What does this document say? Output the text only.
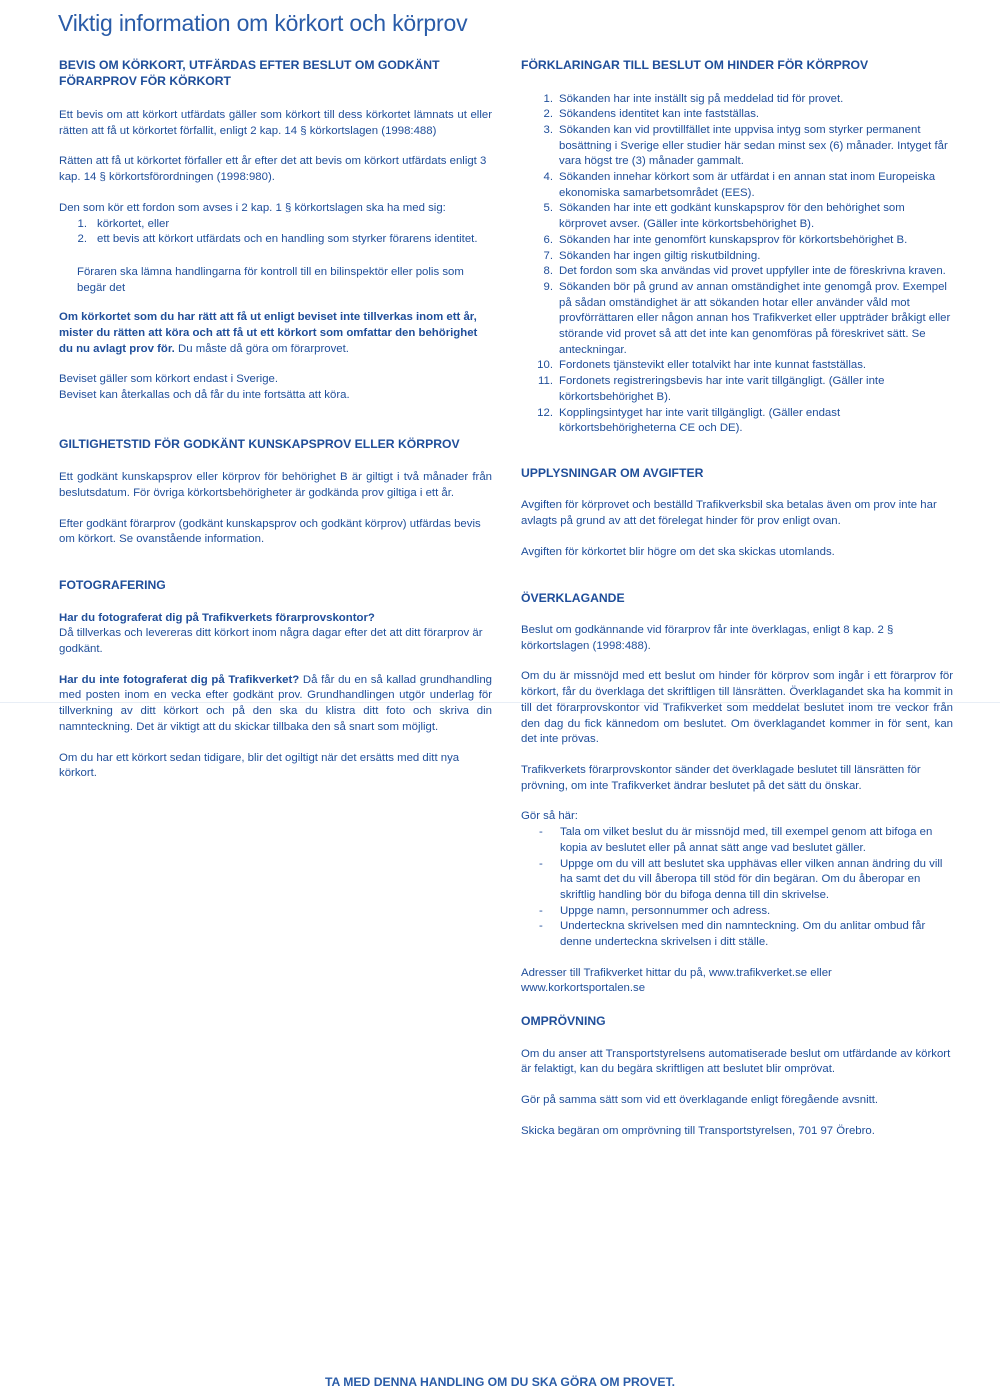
Viktig information om körkort och körprov
BEVIS OM KÖRKORT, UTFÄRDAS EFTER BESLUT OM GODKÄNT FÖRARPROV FÖR KÖRKORT

Ett bevis om att körkort utfärdats gäller som körkort till dess körkortet lämnats ut eller rätten att få ut körkortet förfallit, enligt 2 kap. 14 § körkortslagen (1998:488)

Rätten att få ut körkortet förfaller ett år efter det att bevis om körkort utfärdats enligt 3 kap. 14 § körkortsförordningen (1998:980).

Den som kör ett fordon som avses i 2 kap. 1 § körkortslagen ska ha med sig:

1. körkortet, eller
2. ett bevis att körkort utfärdats och en handling som styrker förarens identitet.

Föraren ska lämna handlingarna för kontroll till en bilinspektör eller polis som begär det

Om körkortet som du har rätt att få ut enligt beviset inte tillverkas inom ett år, mister du rätten att köra och att få ut ett körkort som omfattar den behörighet du nu avlagt prov för. Du måste då göra om förarprovet.

Beviset gäller som körkort endast i Sverige.

Beviset kan återkallas och då får du inte fortsätta att köra.

GILTIGHETSTID FÖR GODKÄNT KUNSKAPSPROV ELLER KÖRPROV

Ett godkänt kunskapsprov eller körprov för behörighet B är giltigt i två månader från beslutsdatum. För övriga körkortsbehörigheter är godkända prov giltiga i ett år.

Efter godkänt förarprov (godkänt kunskapsprov och godkänt körprov) utfärdas bevis om körkort. Se ovanstående information.

FOTOGRAFERING

Har du fotograferat dig på Trafikverkets förarprovskontor?

Då tillverkas och levereras ditt körkort inom några dagar efter det att ditt förarprov är godkänt.

Har du inte fotograferat dig på Trafikverket? Då får du en så kallad grundhandling med posten inom en vecka efter godkänt prov. Grundhandlingen utgör underlag för tillverkning av ditt körkort och på den ska du klistra ditt foto och skriva din namnteckning. Det är viktigt att du skickar tillbaka den så snart som möjligt.

Om du har ett körkort sedan tidigare, blir det ogiltigt när det ersätts med ditt nya körkort.

FÖRKLARINGAR TILL BESLUT OM HINDER FÖR KÖRPROV
1. Sökanden har inte inställt sig på meddelad tid för provet.
2. Sökandens identitet kan inte fastställas.
3. Sökanden kan vid provtillfället inte uppvisa intyg som styrker permanent bosättning i Sverige eller studier här sedan minst sex (6) månader. Intyget får vara högst tre (3) månader gammalt.
4. Sökanden innehar körkort som är utfärdat i en annan stat inom Europeiska ekonomiska samarbetsområdet (EES).
5. Sökanden har inte ett godkänt kunskapsprov för den behörighet som körprovet avser. (Gäller inte körkortsbehörighet B).
6. Sökanden har inte genomfört kunskapsprov för körkortsbehörighet B.
7. Sökanden har ingen giltig riskutbildning.
8. Det fordon som ska användas vid provet uppfyller inte de föreskrivna kraven.
9. Sökanden bör på grund av annan omständighet inte genomgå prov. Exempel på sådan omständighet är att sökanden hotar eller använder våld mot provförrättaren eller någon annan hos Trafikverket eller uppträder bråkigt eller störande vid provet så att det inte kan genomföras på föreskrivet sätt. Se anteckningar.
10. Fordonets tjänstevikt eller totalvikt har inte kunnat fastställas.
11. Fordonets registreringsbevis har inte varit tillgängligt. (Gäller inte körkortsbehörighet B).
12. Kopplingsintyget har inte varit tillgängligt. (Gäller endast körkortsbehörigheterna CE och DE).
UPPLYSNINGAR OM AVGIFTER

Avgiften för körprovet och beställd Trafikverksbil ska betalas även om prov inte har avlagts på grund av att det förelegat hinder för prov enligt ovan.

Avgiften för körkortet blir högre om det ska skickas utomlands.

ÖVERKLAGANDE

Beslut om godkännande vid förarprov får inte överklagas, enligt 8 kap. 2 § körkortslagen (1998:488).

Om du är missnöjd med ett beslut om hinder för körprov som ingår i ett förarprov för körkort, får du överklaga det skriftligen till länsrätten. Överklagandet ska ha kommit in till det förarprovskontor vid Trafikverket som meddelat beslutet inom tre veckor från den dag du fick kännedom om beslutet. Om överklagandet kommer in för sent, kan det inte prövas.

Trafikverkets förarprovskontor sänder det överklagade beslutet till länsrätten för prövning, om inte Trafikverket ändrar beslutet på det sätt du önskar.

Gör så här:

- Tala om vilket beslut du är missnöjd med, till exempel genom att bifoga en kopia av beslutet eller på annat sätt ange vad beslutet gäller.
- Uppge om du vill att beslutet ska upphävas eller vilken annan ändring du vill ha samt det du vill åberopa till stöd för din begäran. Om du åberopar en skriftlig handling bör du bifoga denna till din skrivelse.
- Uppge namn, personnummer och adress.
- Underteckna skrivelsen med din namnteckning. Om du anlitar ombud får denne underteckna skrivelsen i ditt ställe.

Adresser till Trafikverket hittar du på, www.trafikverket.se eller www.korkortsportalen.se

OMPRÖVNING

Om du anser att Transportstyrelsens automatiserade beslut om utfärdande av körkort är felaktigt, kan du begära skriftligen att beslutet blir omprövat.

Gör på samma sätt som vid ett överklagande enligt föregående avsnitt.

Skicka begäran om omprövning till Transportstyrelsen, 701 97 Örebro.

TA MED DENNA HANDLING OM DU SKA GÖRA OM PROVET.
